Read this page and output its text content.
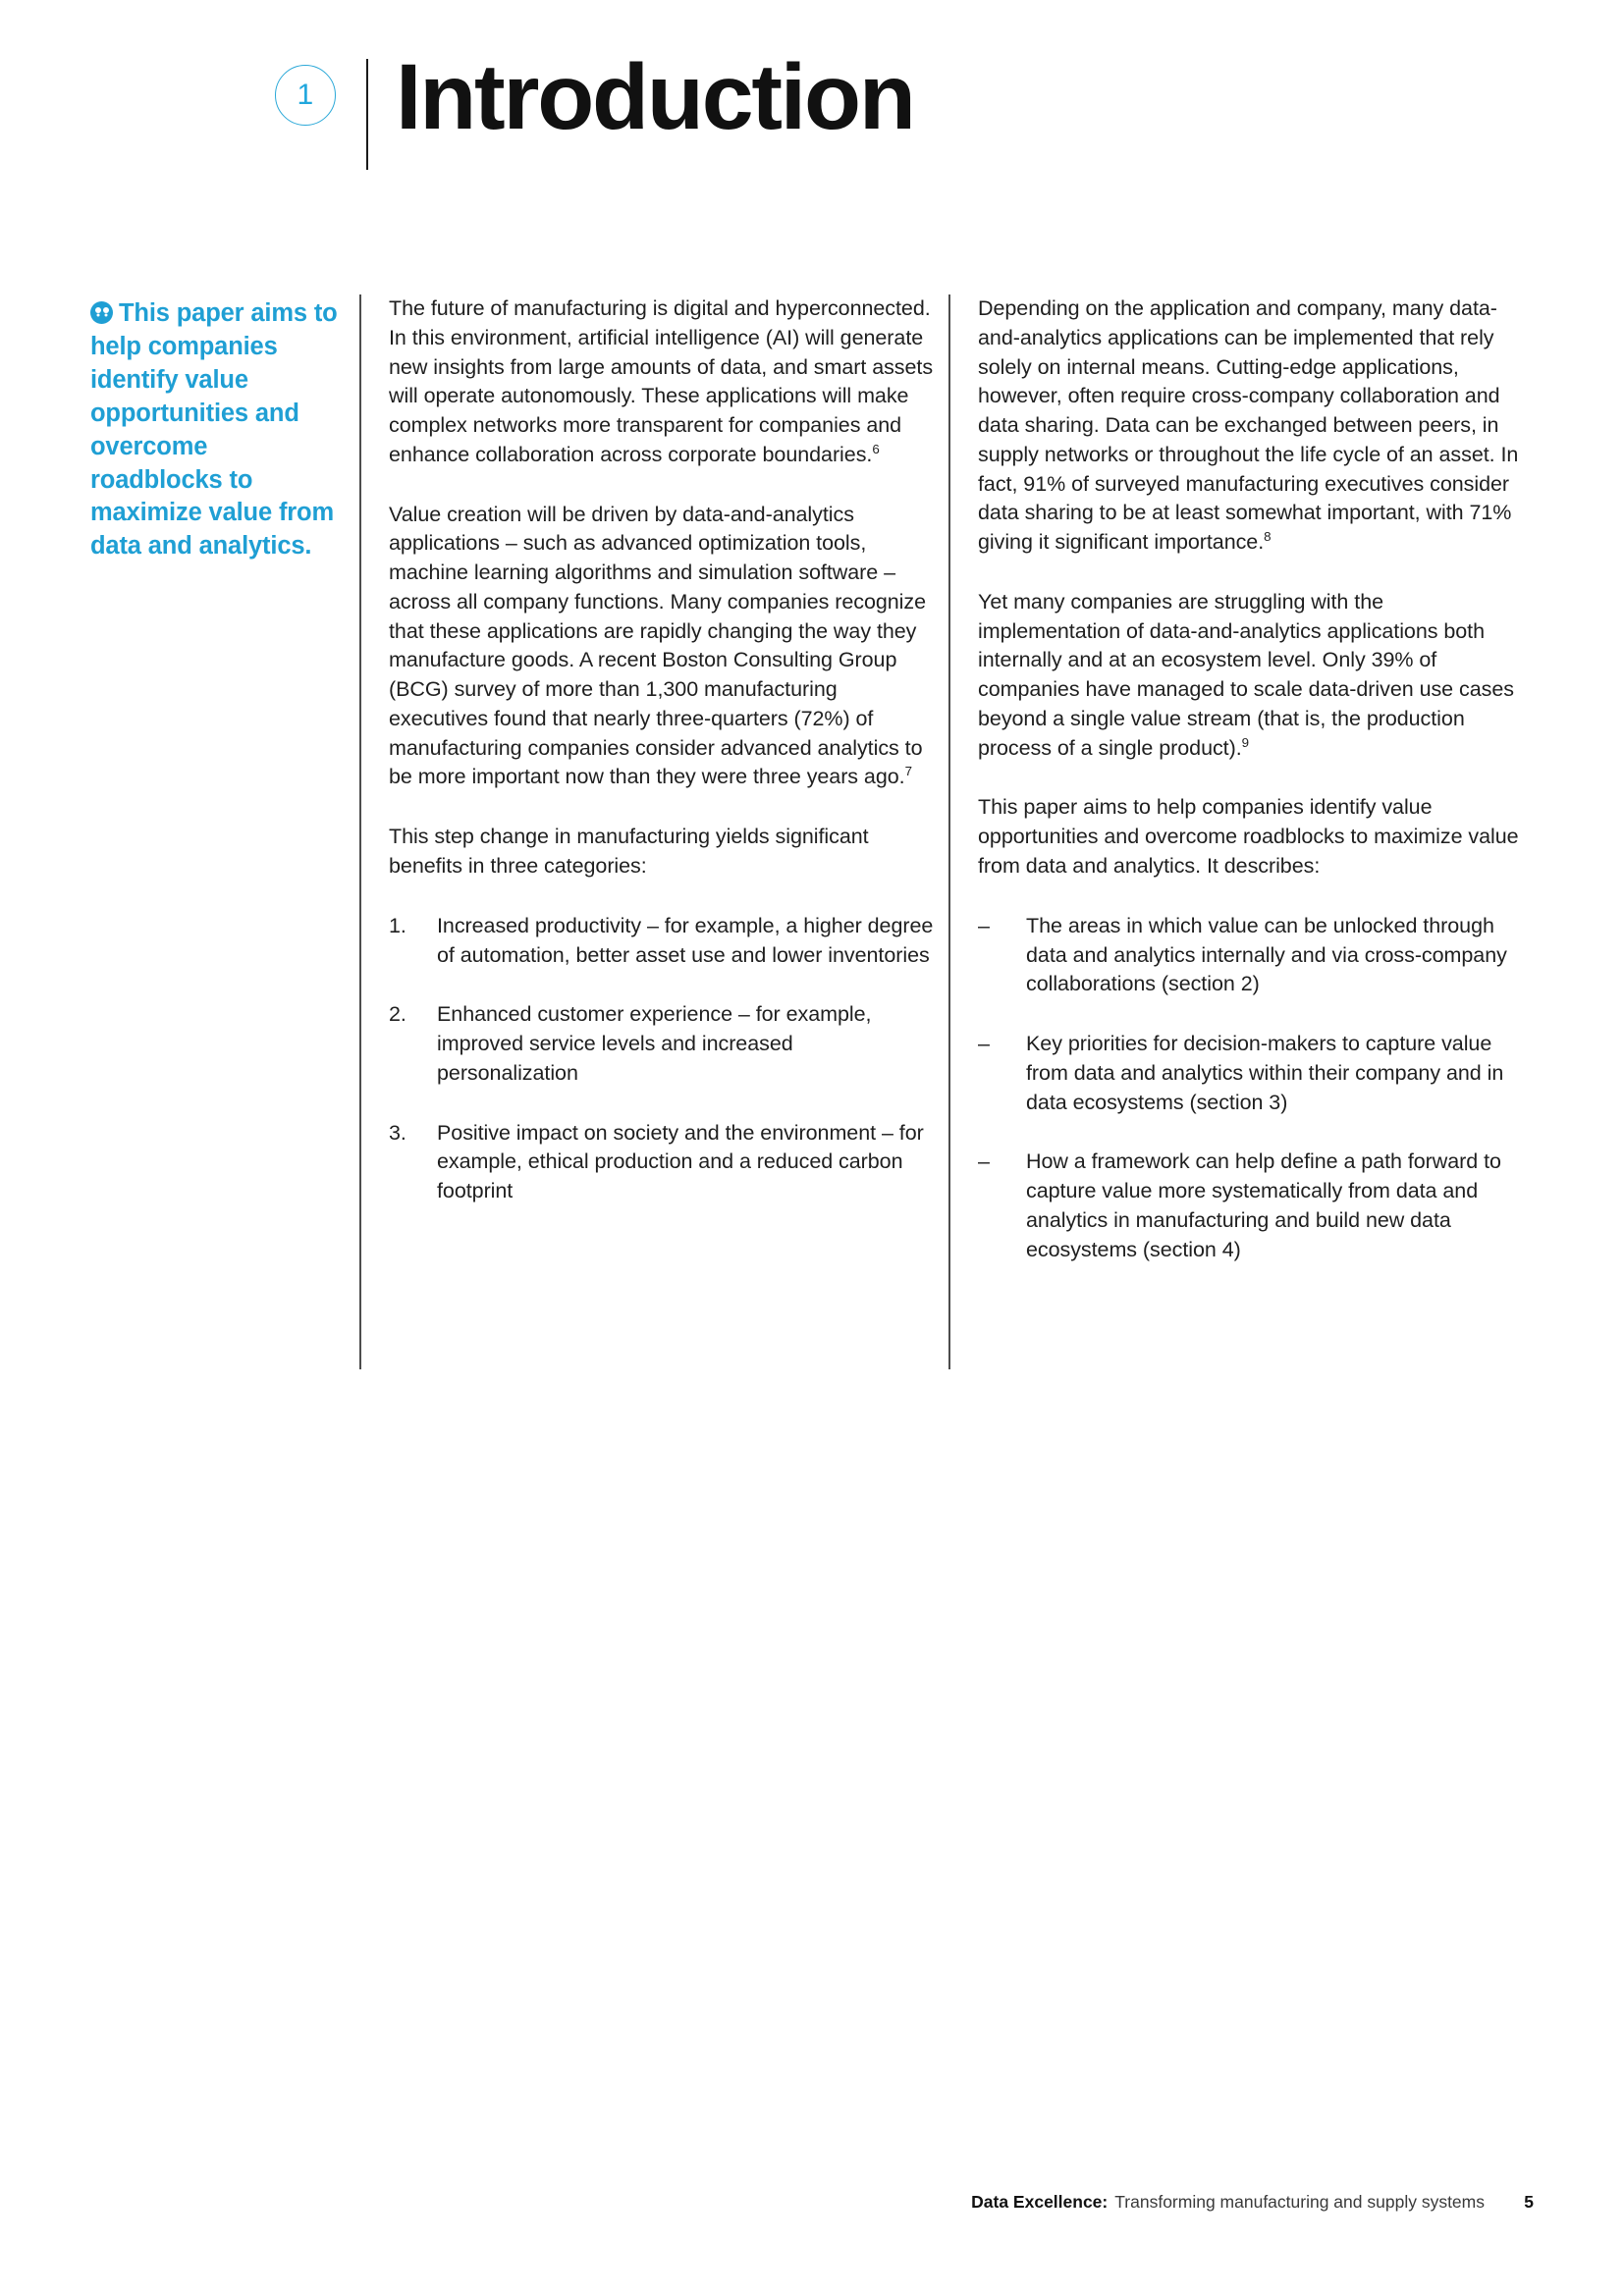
1 Introduction
This paper aims to help companies identify value opportunities and overcome roadblocks to maximize value from data and analytics.

The future of manufacturing is digital and hyperconnected. In this environment, artificial intelligence (AI) will generate new insights from large amounts of data, and smart assets will operate autonomously. These applications will make complex networks more transparent for companies and enhance collaboration across corporate boundaries.$^6$

Value creation will be driven by data-and-analytics applications – such as advanced optimization tools, machine learning algorithms and simulation software – across all company functions. Many companies recognize that these applications are rapidly changing the way they manufacture goods. A recent Boston Consulting Group (BCG) survey of more than 1,300 manufacturing executives found that nearly three-quarters (72%) of manufacturing companies consider advanced analytics to be more important now than they were three years ago.$^7$

This step change in manufacturing yields significant benefits in three categories:

1.	Increased productivity – for example, a higher degree of automation, better asset use and lower inventories
2.	Enhanced customer experience – for example, improved service levels and increased personalization
3.	Positive impact on society and the environment – for example, ethical production and a reduced carbon footprint

Depending on the application and company, many data-and-analytics applications can be implemented that rely solely on internal means. Cutting-edge applications, however, often require cross-company collaboration and data sharing. Data can be exchanged between peers, in supply networks or throughout the life cycle of an asset. In fact, 91% of surveyed manufacturing executives consider data sharing to be at least somewhat important, with 71% giving it significant importance.$^8$

Yet many companies are struggling with the implementation of data-and-analytics applications both internally and at an ecosystem level. Only 39% of companies have managed to scale data-driven use cases beyond a single value stream (that is, the production process of a single product).$^9$

This paper aims to help companies identify value opportunities and overcome roadblocks to maximize value from data and analytics. It describes:

–	The areas in which value can be unlocked through data and analytics internally and via cross-company collaborations (section 2)
–	Key priorities for decision-makers to capture value from data and analytics within their company and in data ecosystems (section 3)
–	How a framework can help define a path forward to capture value more systematically from data and analytics in manufacturing and build new data ecosystems (section 4)
Data Excellence: Transforming manufacturing and supply systems 5
